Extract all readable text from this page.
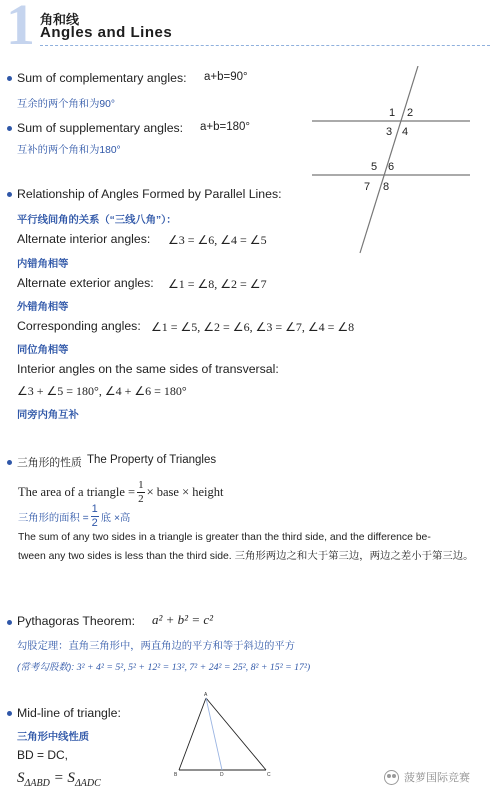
1 角和线
Angles and Lines
Sum of complementary angles: a+b=90°
互余的两个角和为90°
Sum of supplementary angles: a+b=180°
互补的两个角和为180°
1 2
3 4
5 6
7 8
Relationship of Angles Formed by Parallel Lines:
平行线间角的关系（“三线八角”）：
Alternate interior angles: ∠3 = ∠6, ∠4 = ∠5
内错角相等
Alternate exterior angles: ∠1 = ∠8, ∠2 = ∠7
外错角相等
Corresponding angles: ∠1 = ∠5, ∠2 = ∠6, ∠3 = ∠7, ∠4 = ∠8
同位角相等
Interior angles on the same sides of transversal:
∠3 + ∠5 = 180°, ∠4 + ∠6 = 180°
同旁内角互补
三角形的性质 The Property of Triangles
The area of a triangle = $\frac{1}{2}$ × base × height
三角形的面积 = $\frac{1}{2}$ 底 ×高
The sum of any two sides in a triangle is greater than the third side, and the difference be-
tween any two sides is less than the third side. 三角形两边之和大于第三边，两边之差小于第三边。
Pythagoras Theorem: a² + b² = c²
勾股定理：直角三角形中，两直角边的平方和等于斜边的平方
(常考勾股数): 3² + 4² = 5², 5² + 12² = 13², 7² + 24² = 25², 8² + 15² = 17²)
Mid-line of triangle:
三角形中线性质
BD = DC,
$S_{\Delta ABD} = S_{\Delta ADC}$
A
B	D	C	菠萝国际竞赛
